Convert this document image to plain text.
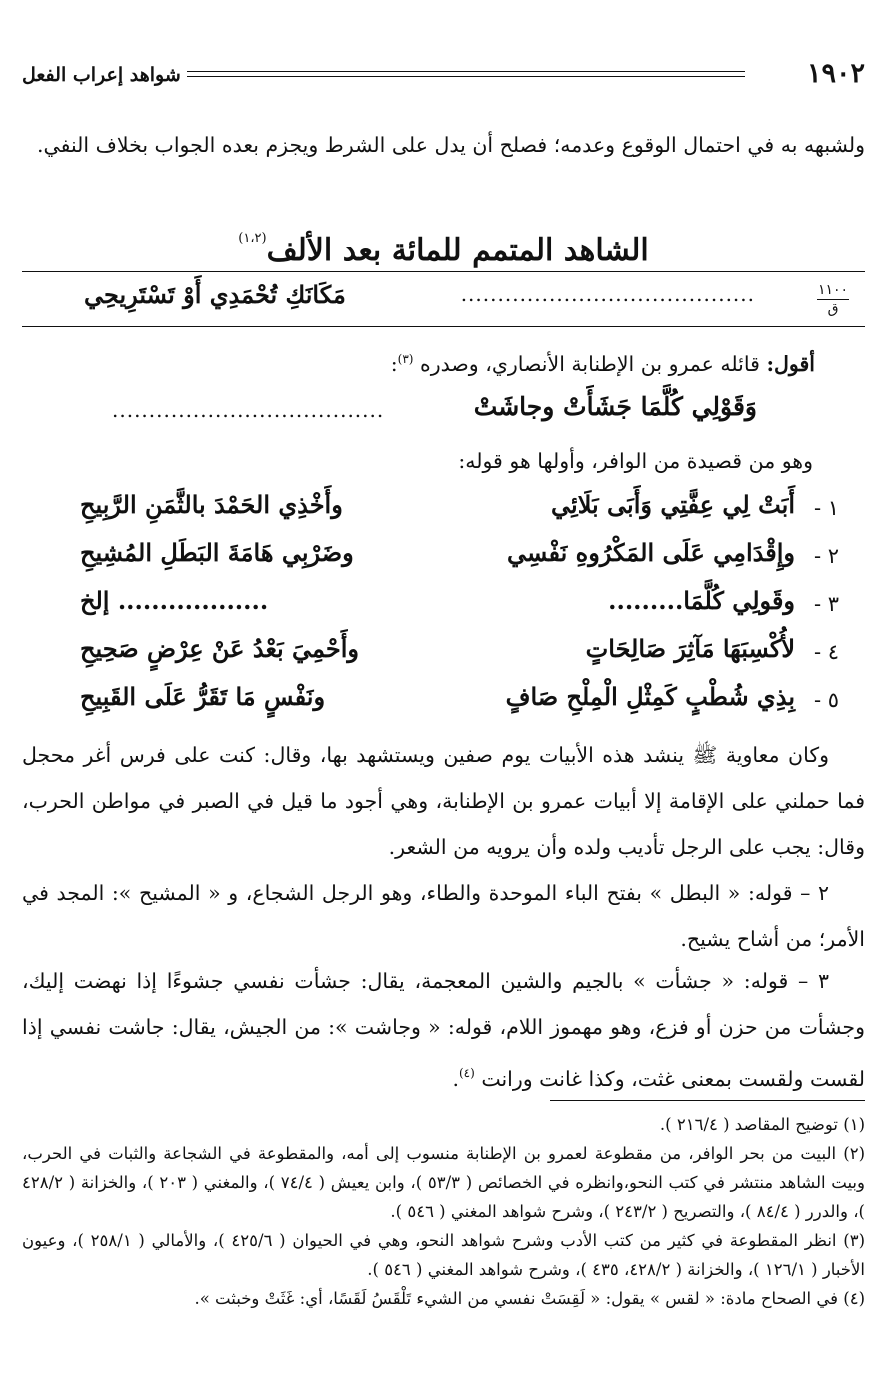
١٩٠٢
شواهد إعراب الفعل
ولشبهه به في احتمال الوقوع وعدمه؛ فصلح أن يدل على الشرط ويجزم بعده الجواب بخلاف النفي.
الشاهد المتمم للمائة بعد الألف$^{(١،٢)}$
١١٠٠
ق
........................................
مَكَانَكِ تُحْمَدِي أَوْ تَسْتَرِيحِي
أقول: قائله عمرو بن الإطنابة الأنصاري، وصدره $^{(٣)}$:
وَقَوْلِي كُلَّمَا جَشَأَتْ وجاشَتْ
.....................................
وهو من قصيدة من الوافر، وأولها هو قوله:
١ -
أَبَتْ لِي عِفَّتِي وَأَبَى بَلَائِي
وأَخْذِي الحَمْدَ بالثَّمَنِ الرَّبِيحِ
٢ -
وإِقْدَامِي عَلَى المَكْرُوهِ نَفْسِي
وضَرْبِي هَامَةَ البَطَلِ المُشِيحِ
٣ -
وقَولِي كُلَّمَا.........
.................. إلخ
٤ -
لأُكْسِبَهَا مَآثِرَ صَالِحَاتٍ
وأَحْمِيَ بَعْدُ عَنْ عِرْضٍ صَحِيحِ
٥ -
بِذِي شُطْبٍ كَمِثْلِ الْمِلْحِ صَافٍ
ونَفْسٍ مَا تَقَرُّ عَلَى القَبِيحِ
وكان معاوية ﷺ ينشد هذه الأبيات يوم صفين ويستشهد بها، وقال: كنت على فرس أغر محجل فما حملني على الإقامة إلا أبيات عمرو بن الإطنابة، وهي أجود ما قيل في الصبر في مواطن الحرب، وقال: يجب على الرجل تأديب ولده وأن يرويه من الشعر.
٢ – قوله: « البطل » بفتح الباء الموحدة والطاء، وهو الرجل الشجاع، و « المشيح »: المجد في الأمر؛ من أشاح يشيح.
٣ – قوله: « جشأت » بالجيم والشين المعجمة، يقال: جشأت نفسي جشوءًا إذا نهضت إليك، وجشأت من حزن أو فزع، وهو مهموز اللام، قوله: « وجاشت »: من الجيش، يقال: جاشت نفسي إذا لقست ولقست بمعنى غثت، وكذا غانت ورانت $^{(٤)}$.

(١) توضيح المقاصد ( ٢١٦/٤ ).

(٢) البيت من بحر الوافر، من مقطوعة لعمرو بن الإطنابة منسوب إلى أمه، والمقطوعة في الشجاعة والثبات في الحرب، وبيت الشاهد منتشر في كتب النحو،وانظره في الخصائص ( ٥٣/٣ )، وابن يعيش ( ٧٤/٤ )، والمغني ( ٢٠٣ )، والخزانة ( ٤٢٨/٢ )، والدرر ( ٨٤/٤ )، والتصريح ( ٢٤٣/٢ )، وشرح شواهد المغني ( ٥٤٦ ).

(٣) انظر المقطوعة في كثير من كتب الأدب وشرح شواهد النحو، وهي في الحيوان ( ٤٢٥/٦ )، والأمالي ( ٢٥٨/١ )، وعيون الأخبار ( ١٢٦/١ )، والخزانة ( ٤٢٨/٢، ٤٣٥ )، وشرح شواهد المغني ( ٥٤٦ ).

(٤) في الصحاح مادة: « لقس » يقول: « لَقِسَتْ نفسي من الشيء تَلْقَسُ لَقَسًا، أي: غَثَتْ وخبثت ».
